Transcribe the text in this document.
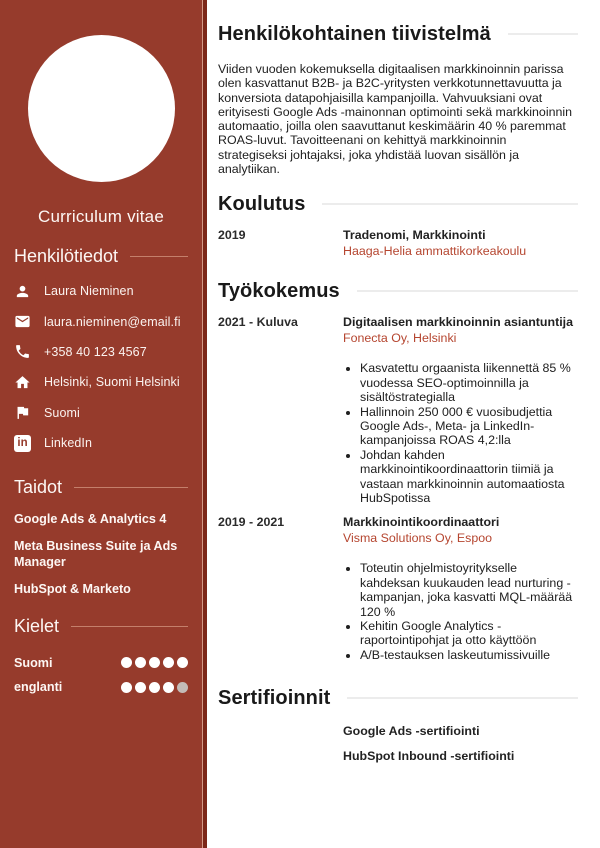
Curriculum vitae
Henkilötiedot
Laura Nieminen
laura.nieminen@email.fi
+358 40 123 4567
Helsinki, Suomi Helsinki
Suomi
in
LinkedIn
Taidot
Google Ads & Analytics 4
Meta Business Suite ja Ads Manager
HubSpot & Marketo
Kielet
Suomi
englanti
Henkilökohtainen tiivistelmä

Viiden vuoden kokemuksella digitaalisen markkinoinnin parissa olen kasvattanut B2B- ja B2C-yritysten verkkotunnettavuutta ja konversiota datapohjaisilla kampanjoilla. Vahvuuksiani ovat erityisesti Google Ads -mainonnan optimointi sekä markkinoinnin automaatio, joilla olen saavuttanut keskimäärin 40 % paremmat ROAS-luvut. Tavoitteenani on kehittyä markkinoinnin strategiseksi johtajaksi, joka yhdistää luovan sisällön ja analytiikan.

Koulutus
2019	Tradenomi, Markkinointi
Haaga-Helia ammattikorkeakoulu
Työkokemus
2021 - Kuluva	Digitaalisen markkinoinnin asiantuntija
Fonecta Oy, Helsinki
• Kasvatettu orgaanista liikennettä 85 % vuodessa SEO-optimoinnilla ja sisältöstrategialla
• Hallinnoin 250 000 € vuosibudjettia Google Ads-, Meta- ja LinkedIn-kampanjoissa ROAS 4,2:lla
• Johdan kahden markkinointikoordinaattorin tiimiä ja vastaan markkinoinnin automaatiosta HubSpotissa
2019 - 2021	Markkinointikoordinaattori
Visma Solutions Oy, Espoo
• Toteutin ohjelmistoyritykselle kahdeksan kuukauden lead nurturing -kampanjan, joka kasvatti MQL-määrää 120 %
• Kehitin Google Analytics -raportointipohjat ja otto käyttöön
• A/B-testauksen laskeutumissivuille
Sertifioinnit
Google Ads -sertifiointi
HubSpot Inbound -sertifiointi
